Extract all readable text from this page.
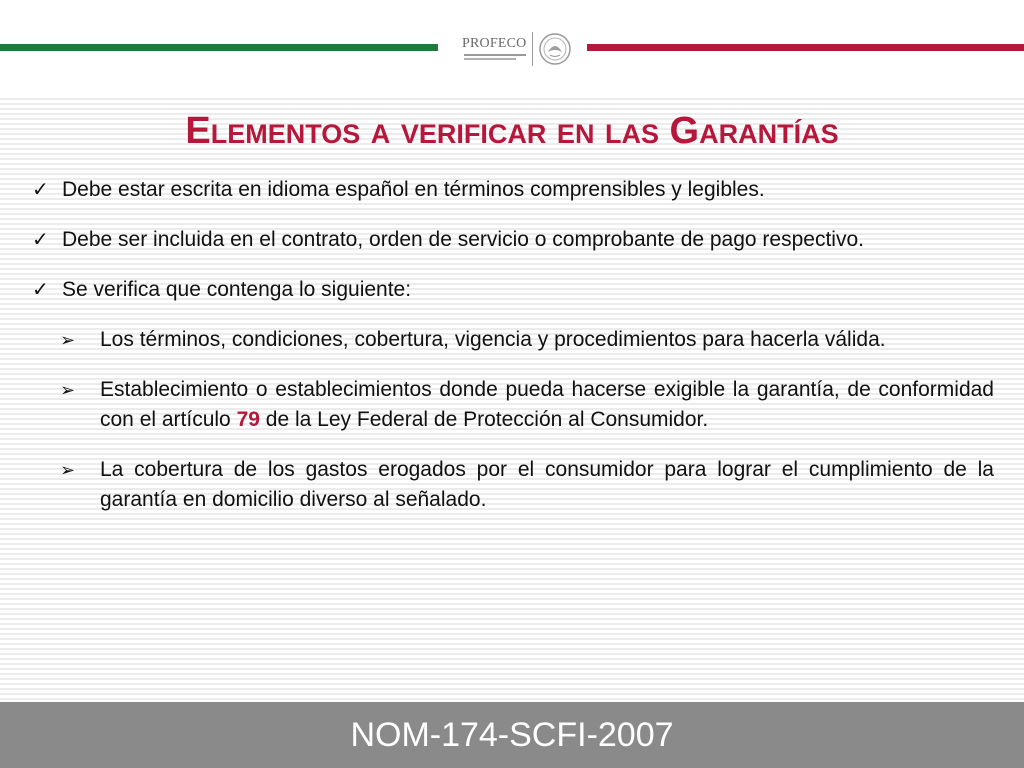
PROFECO
Elementos a verificar en las Garantías
✓ Debe estar escrita en idioma español en términos comprensibles y legibles.
✓ Debe ser incluida en el contrato, orden de servicio o comprobante de pago respectivo.
✓ Se verifica que contenga lo siguiente:
➢ Los términos, condiciones, cobertura, vigencia y procedimientos para hacerla válida.
➢ Establecimiento o establecimientos donde pueda hacerse exigible la garantía, de conformidad con el artículo 79 de la Ley Federal de Protección al Consumidor.
➢ La cobertura de los gastos erogados por el consumidor para lograr el cumplimiento de la garantía en domicilio diverso al señalado.
NOM-174-SCFI-2007
